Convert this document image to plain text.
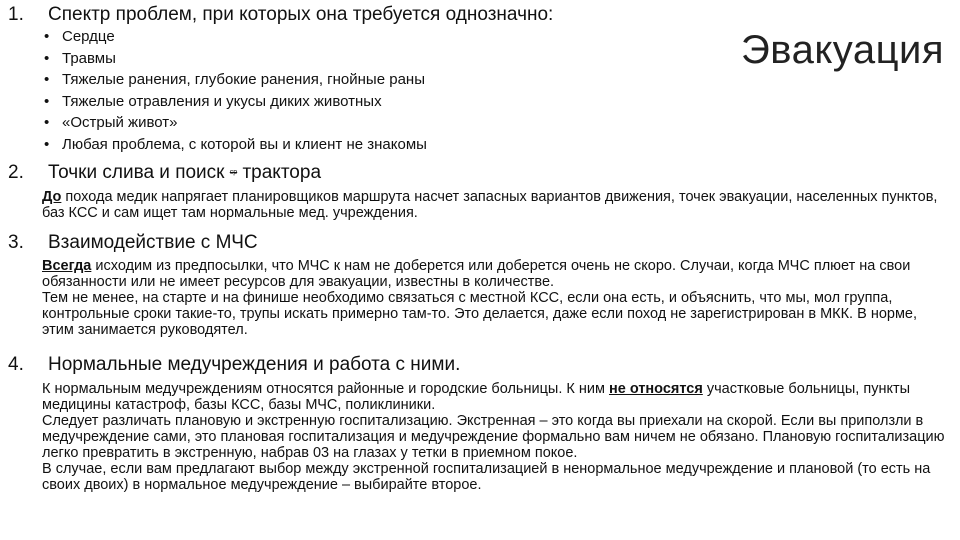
Эвакуация
1. Спектр проблем, при которых она требуется однозначно:
• Сердце
• Травмы
• Тяжелые ранения, глубокие ранения, гнойные раны
• Тяжелые отравления и укусы диких животных
• «Острый живот»
• Любая проблема, с которой вы и клиент не знакомы
2. Точки слива и поиск ср трактора

До похода медик напрягает планировщиков маршрута насчет запасных вариантов движения, точек эвакуации, населенных пунктов, баз КСС и сам ищет там нормальные мед. учреждения.

3. Взаимодействие с МЧС

Всегда исходим из предпосылки, что МЧС к нам не доберется или доберется очень не скоро. Случаи, когда МЧС плюет на свои обязанности или не имеет ресурсов для эвакуации, известны в количестве.

Тем не менее, на старте и на финише необходимо связаться с местной КСС, если она есть, и объяснить, что мы, мол группа, контрольные сроки такие-то, трупы искать примерно там-то. Это делается, даже если поход не зарегистрирован в МКК. В норме, этим занимается руководятел.

4. Нормальные медучреждения и работа с ними.

К нормальным медучреждениям относятся районные и городские больницы. К ним не относятся участковые больницы, пункты медицины катастроф, базы КСС, базы МЧС, поликлиники.

Следует различать плановую и экстренную госпитализацию. Экстренная – это когда вы приехали на скорой. Если вы приползли в медучреждение сами, это плановая госпитализация и медучреждение формально вам ничем не обязано. Плановую госпитализацию легко превратить в экстренную, набрав 03 на глазах у тетки в приемном покое.

В случае, если вам предлагают выбор между экстренной госпитализацией в ненормальное медучреждение и плановой (то есть на своих двоих) в нормальное медучреждение – выбирайте второе.
